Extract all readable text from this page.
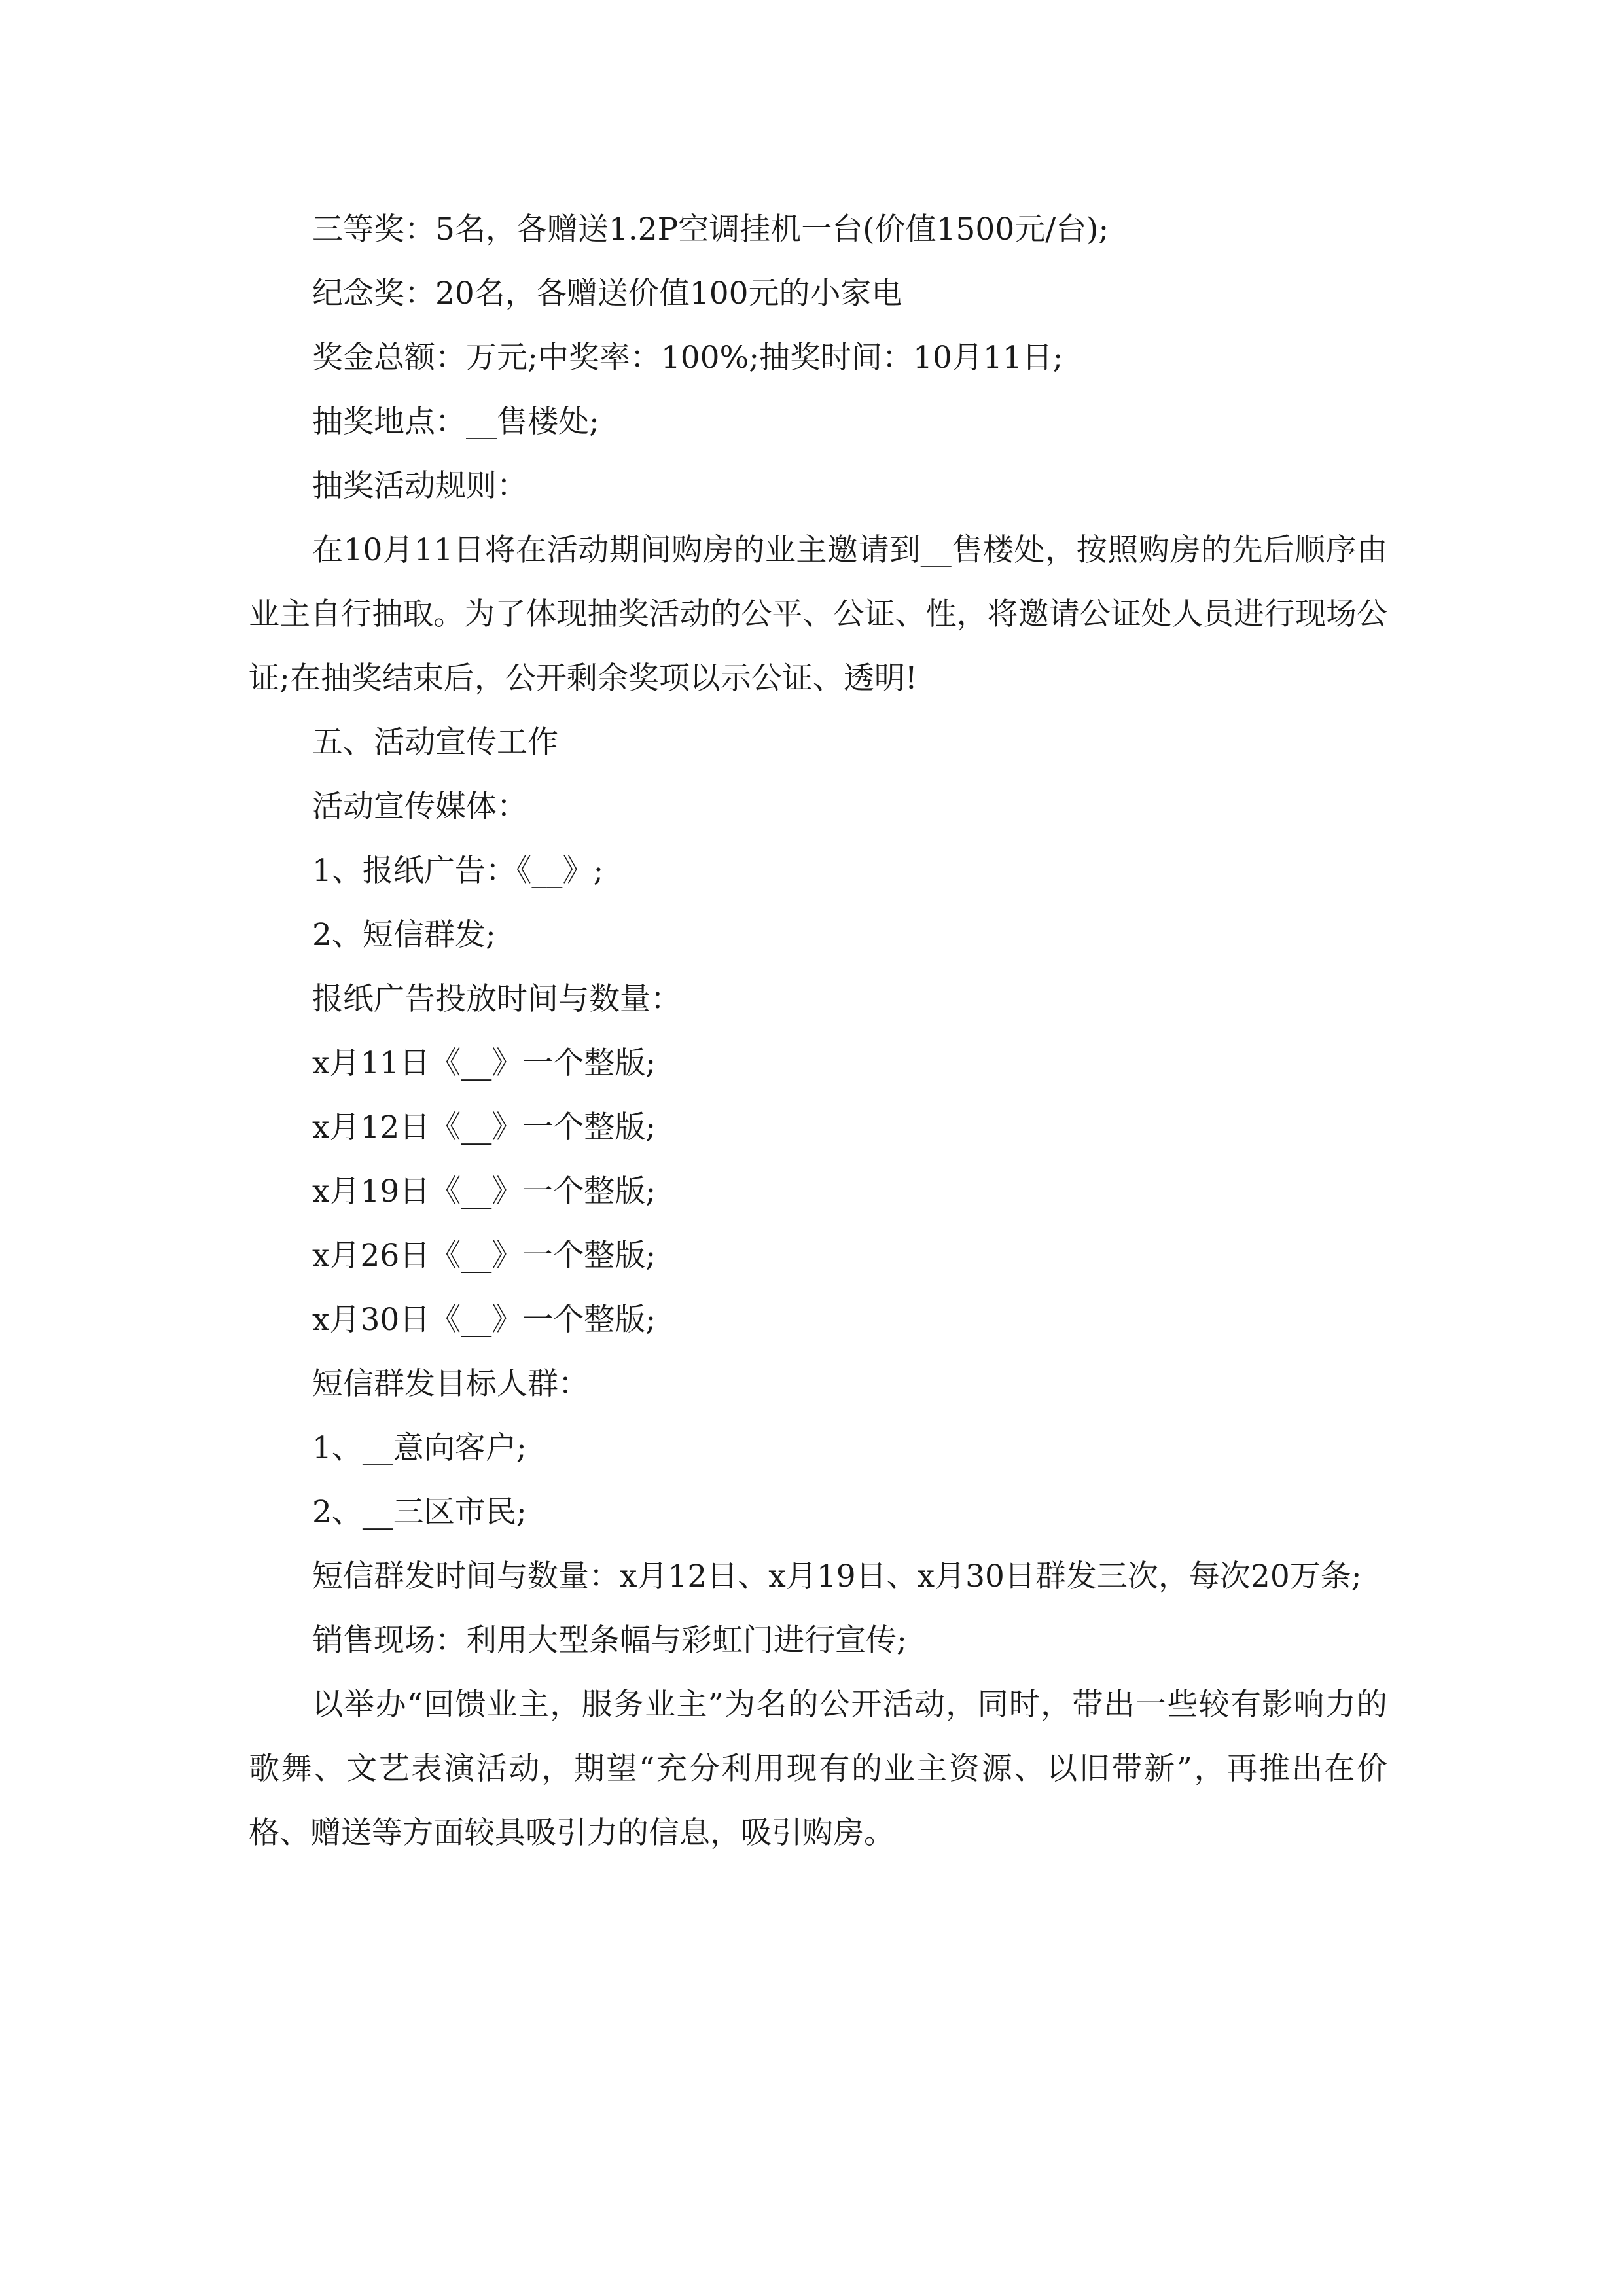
三等奖：5名，各赠送1.2P空调挂机一台(价值1500元/台);

纪念奖：20名，各赠送价值100元的小家电

奖金总额：万元;中奖率：100%;抽奖时间：10月11日;

抽奖地点：__售楼处;

抽奖活动规则：

在10月11日将在活动期间购房的业主邀请到__售楼处，按照购房的先后顺序由业主自行抽取。为了体现抽奖活动的公平、公证、性，将邀请公证处人员进行现场公证;在抽奖结束后，公开剩余奖项以示公证、透明!

五、活动宣传工作

活动宣传媒体：

1、报纸广告：《__》;

2、短信群发;

报纸广告投放时间与数量：

x月11日《__》一个整版;

x月12日《__》一个整版;

x月19日《__》一个整版;

x月26日《__》一个整版;

x月30日《__》一个整版;

短信群发目标人群：

1、__意向客户;

2、__三区市民;

短信群发时间与数量：x月12日、x月19日、x月30日群发三次，每次20万条;

销售现场：利用大型条幅与彩虹门进行宣传;

以举办“回馈业主，服务业主”为名的公开活动，同时，带出一些较有影响力的歌舞、文艺表演活动，期望“充分利用现有的业主资源、以旧带新”，再推出在价格、赠送等方面较具吸引力的信息，吸引购房。
